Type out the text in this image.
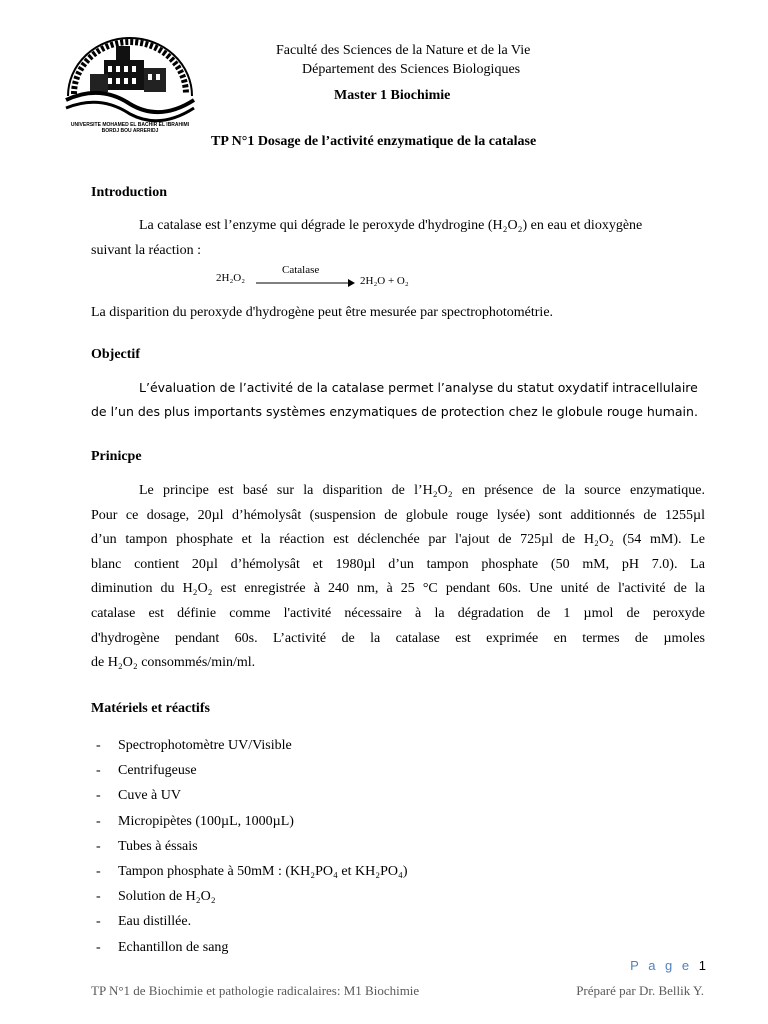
UNIVERSITE MOHAMED EL BACHIR EL IBRAHIMI
BORDJ BOU ARRERIDJ
Faculté des Sciences de la Nature et de la Vie
Département des Sciences Biologiques
Master 1 Biochimie
TP N°1 Dosage de l’activité enzymatique de la catalase
Introduction
La catalase est l’enzyme qui dégrade le peroxyde d'hydrogine (H₂O₂) en eau et dioxygène
suivant la réaction :
2H₂O₂
Catalase
2H₂O + O₂
La disparition du peroxyde d'hydrogène peut être mesurée par spectrophotométrie.
Objectif
L’évaluation de l’activité de la catalase permet l’analyse du statut oxydatif intracellulaire
de l’un des plus importants systèmes enzymatiques de protection chez le globule rouge humain.
Prinicpe
Le principe est basé sur la disparition de l’H₂O₂ en présence de la source enzymatique.
Pour ce dosage, 20µl d’hémolysât (suspension de globule rouge lysée) sont additionnés de 1255µl
d’un tampon phosphate et la réaction est déclenchée par l'ajout de 725µl de H₂O₂ (54 mM). Le
blanc contient 20µl d’hémolysât et 1980µl d’un tampon phosphate (50 mM, pH 7.0). La
diminution du H₂O₂ est enregistrée à 240 nm, à 25 °C pendant 60s. Une unité de l'activité de la
catalase est définie comme l'activité nécessaire à la dégradation de 1 µmol de peroxyde
d'hydrogène pendant 60s. L’activité de la catalase est exprimée en termes de µmoles
de H₂O₂ consommés/min/ml.
Matériels et réactifs
- Spectrophotomètre UV/Visible
- Centrifugeuse
- Cuve à UV
- Micropipètes (100µL, 1000µL)
- Tubes à éssais
- Tampon phosphate à 50mM : (KH₂PO₄ et KH₂PO₄)
- Solution de H₂O₂
- Eau distillée.
- Echantillon de sang
P a g e 1
TP N°1 de Biochimie et pathologie radicalaires: M1 Biochimie	Préparé par Dr. Bellik Y.
